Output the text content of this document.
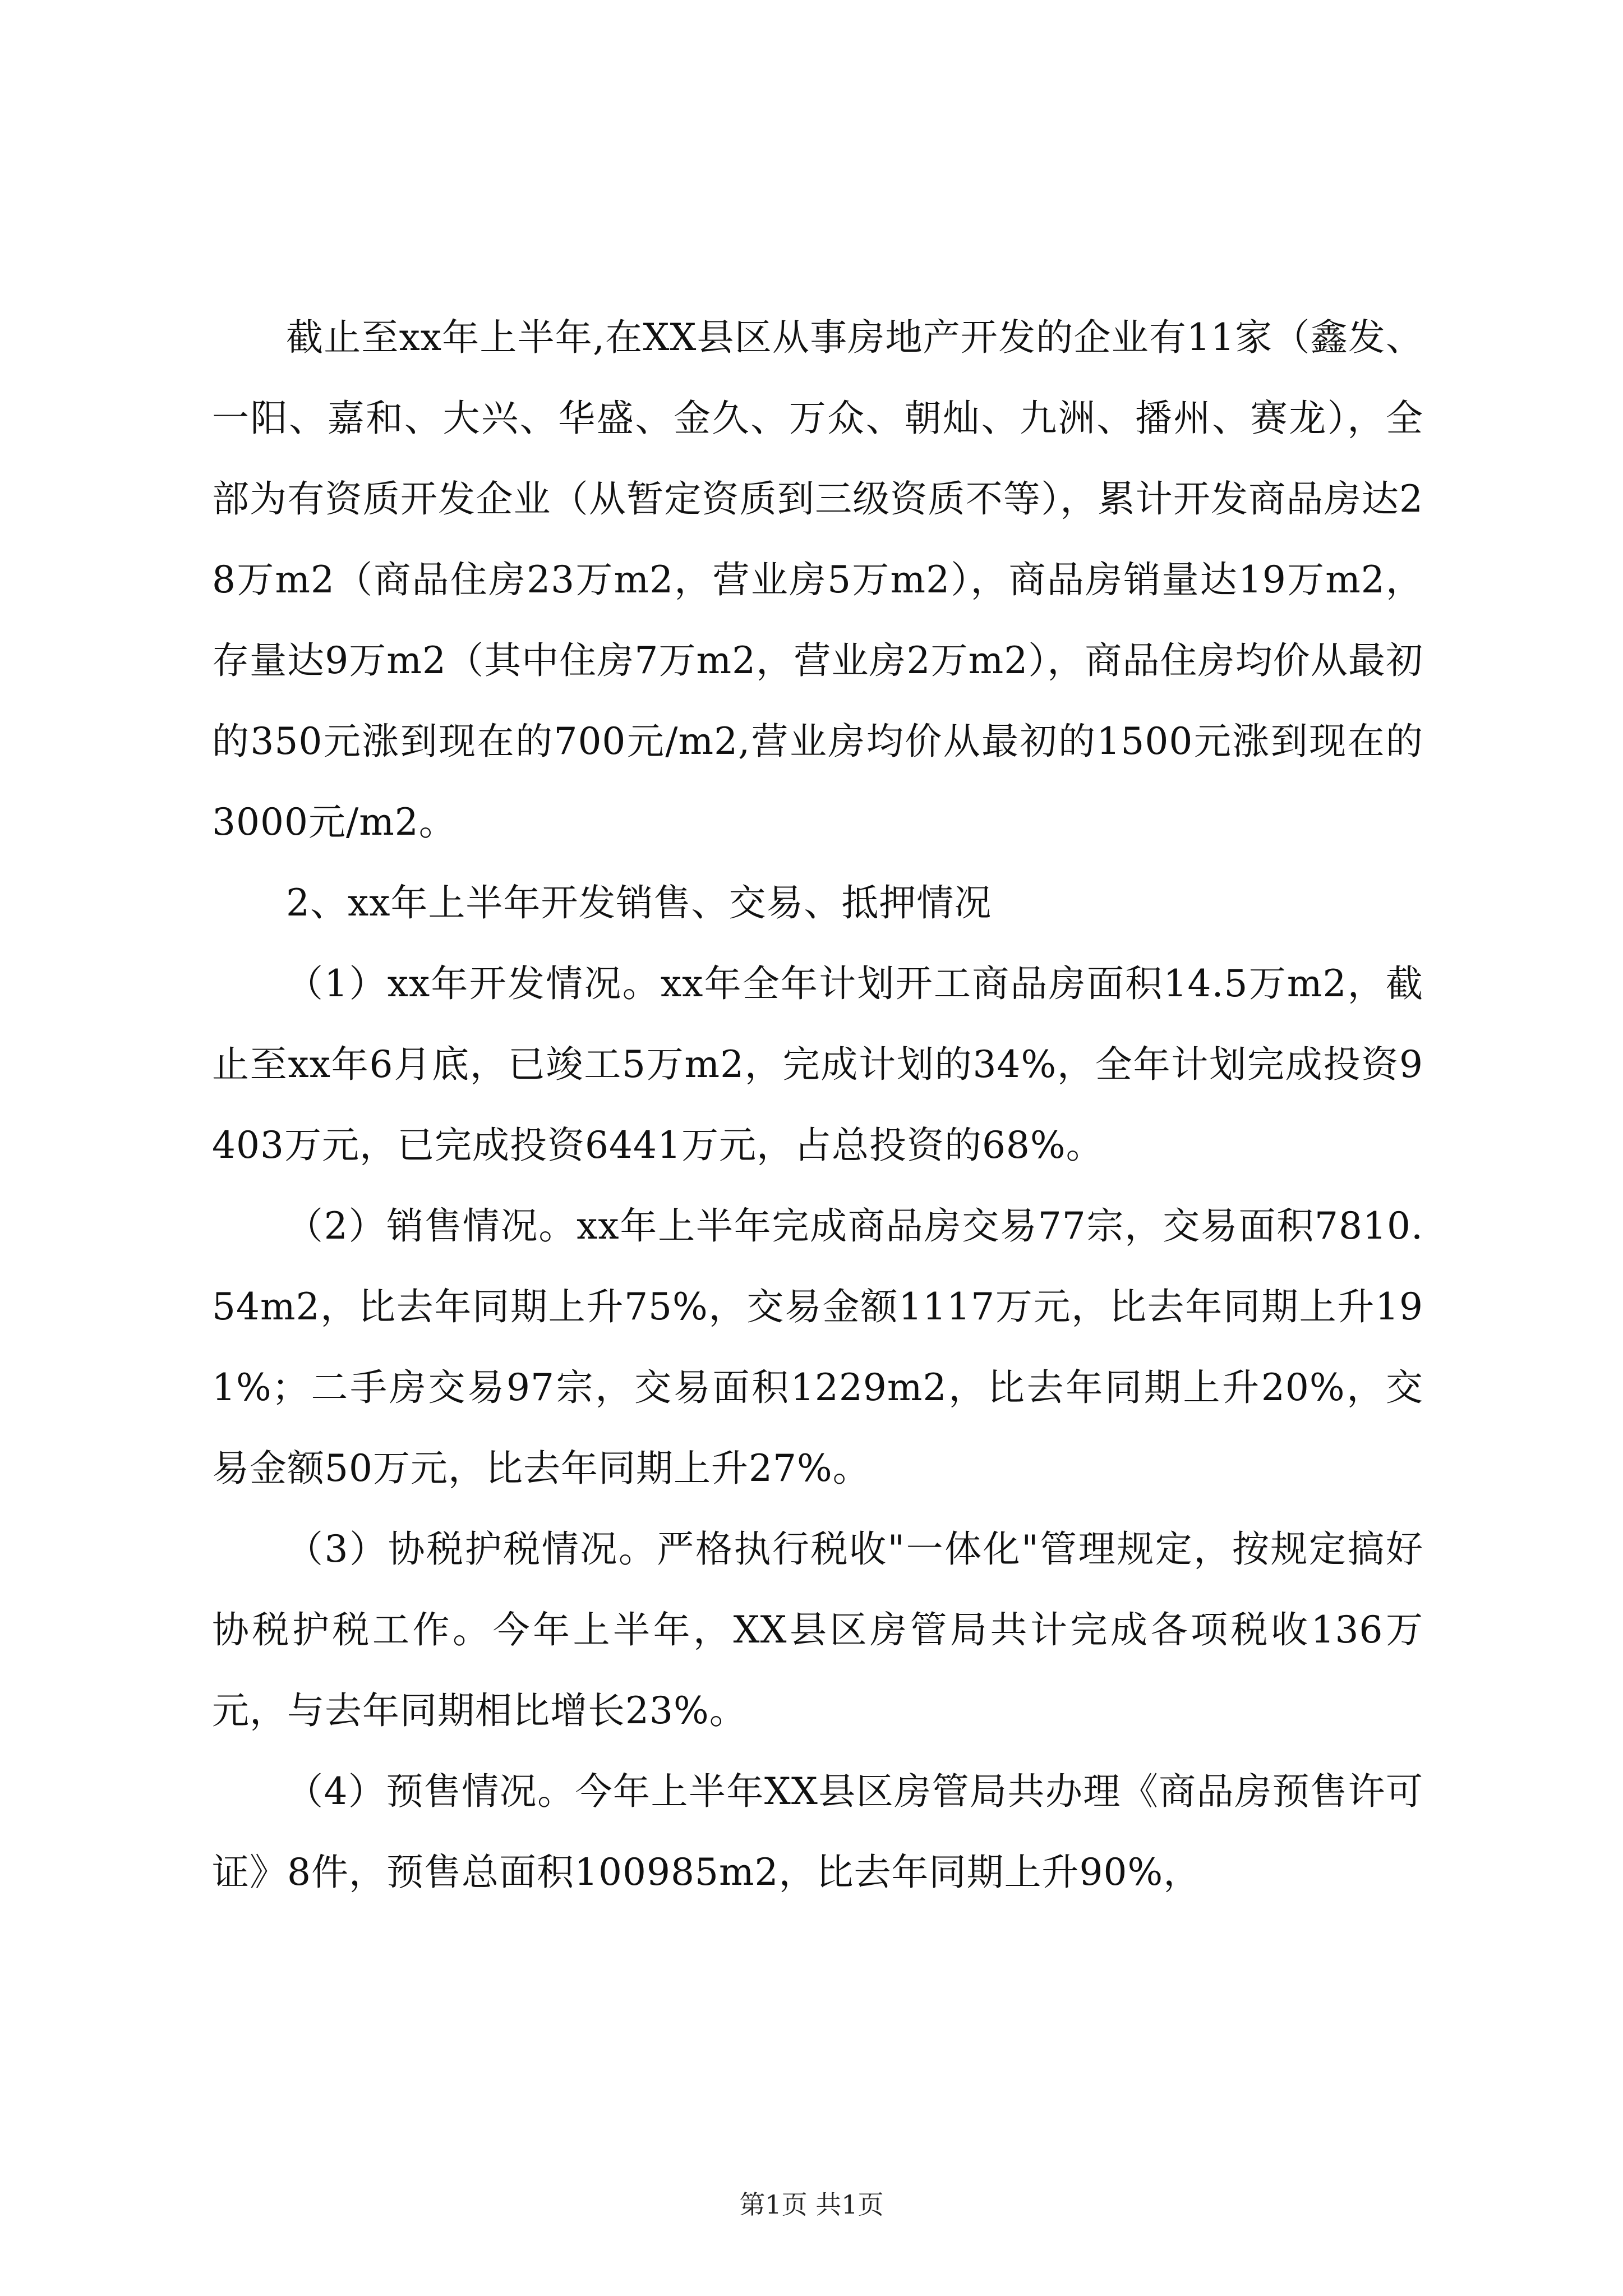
截止至xx年上半年,在XX县区从事房地产开发的企业有11家（鑫发、一阳、嘉和、大兴、华盛、金久、万众、朝灿、九洲、播州、赛龙），全部为有资质开发企业（从暂定资质到三级资质不等），累计开发商品房达28万m2（商品住房23万m2，营业房5万m2），商品房销量达19万m2，存量达9万m2（其中住房7万m2，营业房2万m2），商品住房均价从最初的350元涨到现在的700元/m2,营业房均价从最初的1500元涨到现在的3000元/m2。

2、xx年上半年开发销售、交易、抵押情况

（1）xx年开发情况。xx年全年计划开工商品房面积14.5万m2，截止至xx年6月底，已竣工5万m2，完成计划的34%，全年计划完成投资9403万元，已完成投资6441万元，占总投资的68%。

（2）销售情况。xx年上半年完成商品房交易77宗，交易面积7810.54m2，比去年同期上升75%，交易金额1117万元，比去年同期上升191%；二手房交易97宗，交易面积1229m2，比去年同期上升20%，交易金额50万元，比去年同期上升27%。

（3）协税护税情况。严格执行税收"一体化"管理规定，按规定搞好协税护税工作。今年上半年，XX县区房管局共计完成各项税收136万元，与去年同期相比增长23%。

（4）预售情况。今年上半年XX县区房管局共办理《商品房预售许可证》8件，预售总面积100985m2，比去年同期上升90%，

第1页 共1页
